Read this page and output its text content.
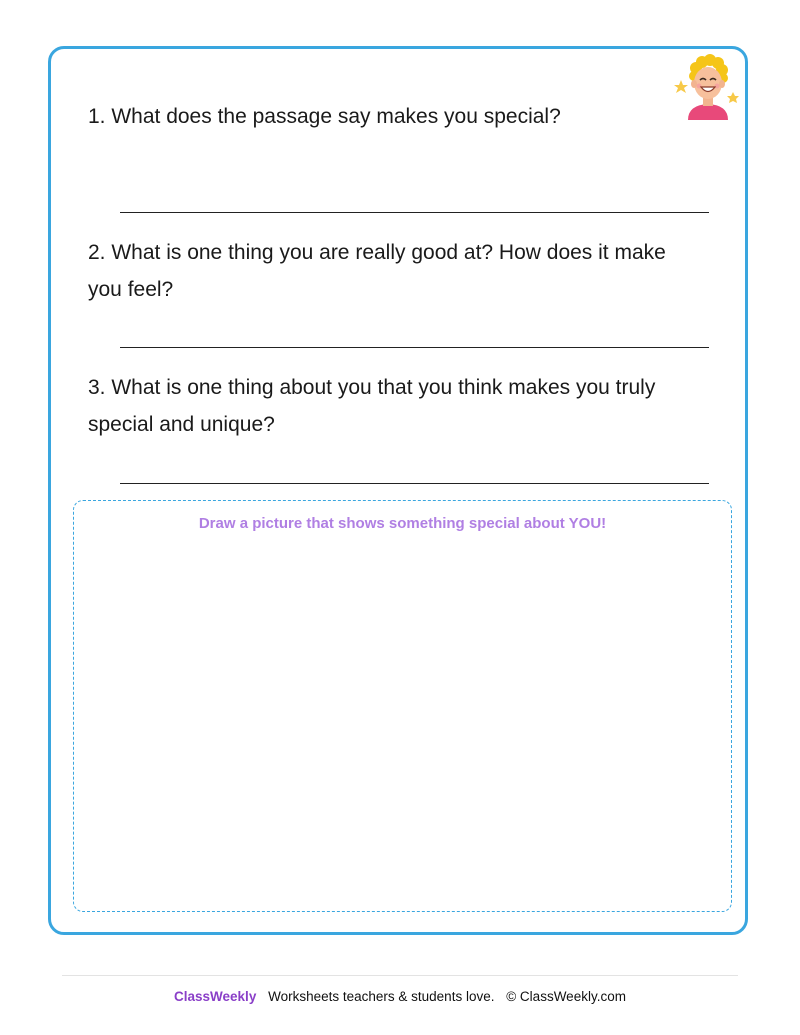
1. What does the passage say makes you special?
2. What is one thing you are really good at? How does it make you feel?
3. What is one thing about you that you think makes you truly special and unique?
Draw a picture that shows something special about YOU!
ClassWeekly Worksheets teachers & students love. © ClassWeekly.com
